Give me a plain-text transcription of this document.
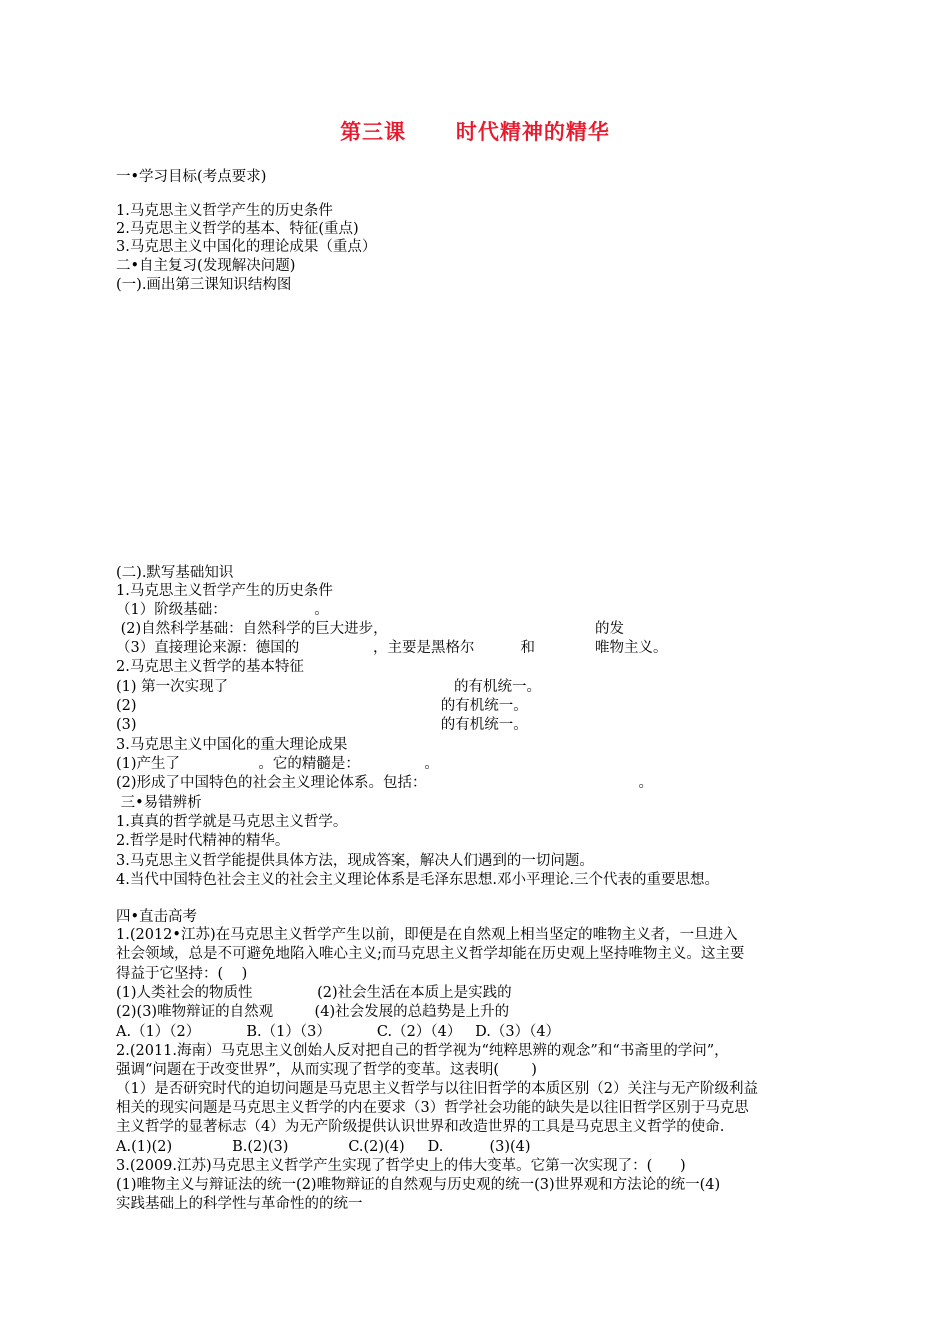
第三课      时代精神的精华
一•学习目标(考点要求)
1.马克思主义哲学产生的历史条件
2.马克思主义哲学的基本、特征(重点)
3.马克思主义中国化的理论成果（重点）
二•自主复习(发现解决问题)
(一).画出第三课知识结构图
(二).默写基础知识
1.马克思主义哲学产生的历史条件
（1）阶级基础：                   。
(2)自然科学基础：自然科学的巨大进步，                                             的发
（3）直接理论来源：德国的                ，主要是黑格尔          和             唯物主义。
2.马克思主义哲学的基本特征
(1) 第一次实现了                                                 的有机统一。
(2)                                                                  的有机统一。
(3)                                                                  的有机统一。
3.马克思主义中国化的重大理论成果
(1)产生了                 。它的精髓是：              。
(2)形成了中国特色的社会主义理论体系。包括：                                              。
三•易错辨析
1.真真的哲学就是马克思主义哲学。
2.哲学是时代精神的精华。
3.马克思主义哲学能提供具体方法，现成答案，解决人们遇到的一切问题。
4.当代中国特色社会主义的社会主义理论体系是毛泽东思想.邓小平理论.三个代表的重要思想。
四•直击高考
1.(2012•江苏)在马克思主义哲学产生以前，即便是在自然观上相当坚定的唯物主义者，一旦进入
社会领域，总是不可避免地陷入唯心主义;而马克思主义哲学却能在历史观上坚持唯物主义。这主要
得益于它坚持：(    )
(1)人类社会的物质性              (2)社会生活在本质上是实践的
(2)(3)唯物辩证的自然观         (4)社会发展的总趋势是上升的
A.（1）（2）          B.（1）（3）          C.（2）（4）   D.（3）（4）
2.(2011.海南）马克思主义创始人反对把自己的哲学视为“纯粹思辨的观念”和“书斋里的学问”，
强调“问题在于改变世界”，从而实现了哲学的变革。这表明(       )
（1）是否研究时代的迫切问题是马克思主义哲学与以往旧哲学的本质区别（2）关注与无产阶级利益
相关的现实问题是马克思主义哲学的内在要求（3）哲学社会功能的缺失是以往旧哲学区别于马克思
主义哲学的显著标志（4）为无产阶级提供认识世界和改造世界的工具是马克思主义哲学的使命.
A.(1)(2)             B.(2)(3)             C.(2)(4)     D.          (3)(4)
3.(2009.江苏)马克思主义哲学产生实现了哲学史上的伟大变革。它第一次实现了：(      )
(1)唯物主义与辩证法的统一(2)唯物辩证的自然观与历史观的统一(3)世界观和方法论的统一(4)
实践基础上的科学性与革命性的的统一
